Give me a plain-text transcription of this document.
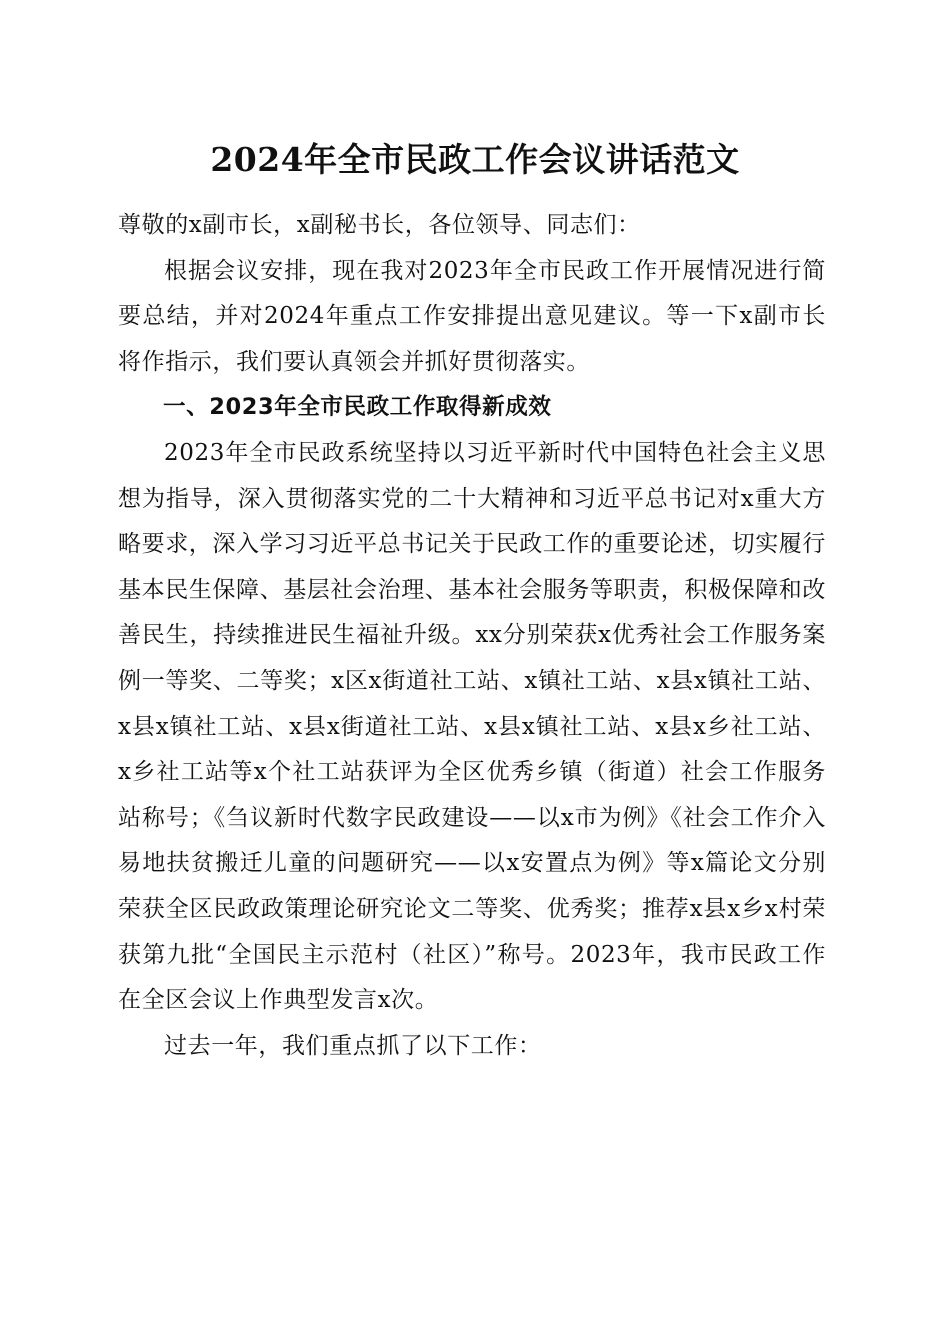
2024年全市民政工作会议讲话范文

尊敬的x副市长，x副秘书长，各位领导、同志们：

根据会议安排，现在我对2023年全市民政工作开展情况进行简要总结，并对2024年重点工作安排提出意见建议。等一下x副市长将作指示，我们要认真领会并抓好贯彻落实。

一、2023年全市民政工作取得新成效

2023年全市民政系统坚持以习近平新时代中国特色社会主义思想为指导，深入贯彻落实党的二十大精神和习近平总书记对x重大方略要求，深入学习习近平总书记关于民政工作的重要论述，切实履行基本民生保障、基层社会治理、基本社会服务等职责，积极保障和改善民生，持续推进民生福祉升级。xx分别荣获x优秀社会工作服务案例一等奖、二等奖；x区x街道社工站、x镇社工站、x县x镇社工站、x县x镇社工站、x县x街道社工站、x县x镇社工站、x县x乡社工站、x乡社工站等x个社工站获评为全区优秀乡镇（街道）社会工作服务站称号；《刍议新时代数字民政建设——以x市为例》《社会工作介入易地扶贫搬迁儿童的问题研究——以x安置点为例》等x篇论文分别荣获全区民政政策理论研究论文二等奖、优秀奖；推荐x县x乡x村荣获第九批“全国民主示范村（社区）”称号。2023年，我市民政工作在全区会议上作典型发言x次。

过去一年，我们重点抓了以下工作：
